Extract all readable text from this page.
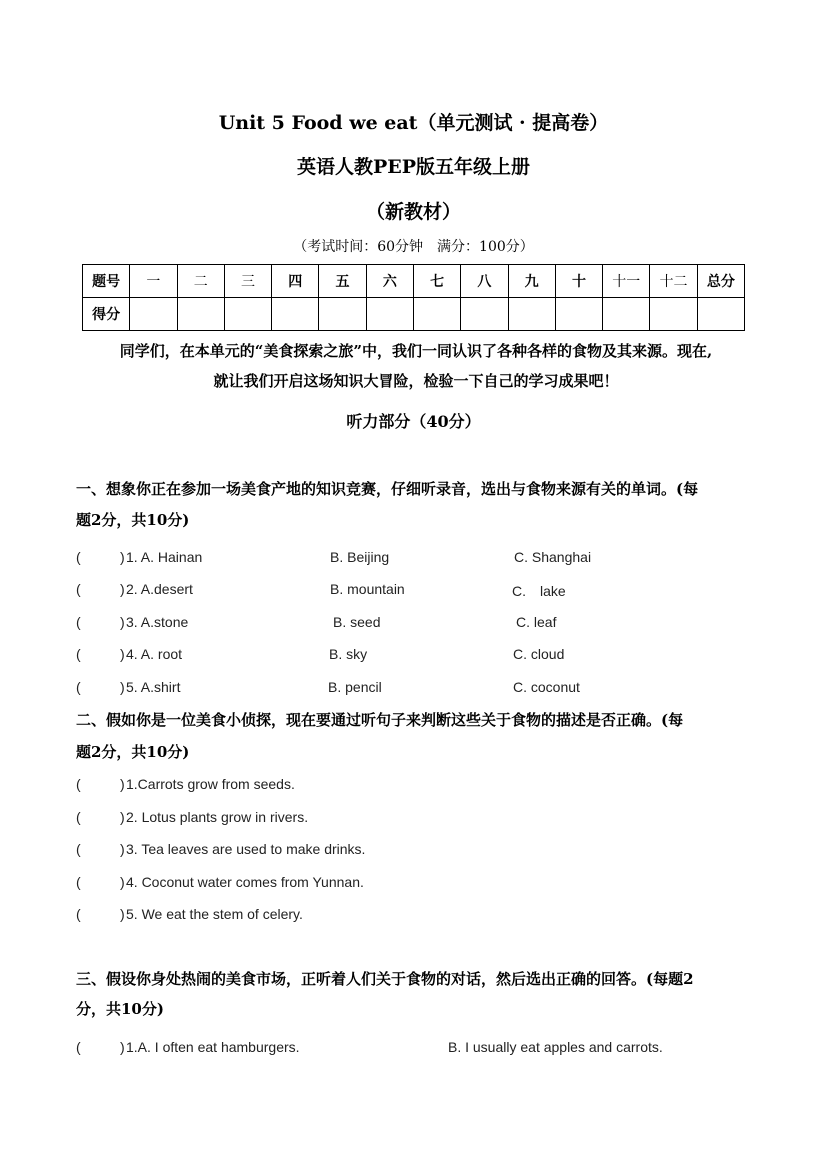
Unit 5 Food we eat（单元测试 · 提高卷）
英语人教PEP版五年级上册
（新教材）
（考试时间：60分钟　满分：100分）
题号	一	二	三	四	五	六	七	八	九	十	十一	十二	总分
得分													
同学们，在本单元的“美食探索之旅”中，我们一同认识了各种各样的食物及其来源。现在,
就让我们开启这场知识大冒险，检验一下自己的学习成果吧！
听力部分（40分）
一、想象你正在参加一场美食产地的知识竞赛，仔细听录音，选出与食物来源有关的单词。(每
题2分，共10分)
(	) 1. A. Hainan	B. Beijing	C. Shanghai
(	) 2. A.desert	B. mountain	C.　lake
(	) 3. A.stone	B. seed	C. leaf
(	) 4. A. root	B. sky	C. cloud
(	) 5. A.shirt	B. pencil	C. coconut
二、假如你是一位美食小侦探，现在要通过听句子来判断这些关于食物的描述是否正确。(每
题2分，共10分)
(	) 1.Carrots grow from seeds.
(	) 2. Lotus plants grow in rivers.
(	) 3. Tea leaves are used to make drinks.
(	) 4. Coconut water comes from Yunnan.
(	) 5. We eat the stem of celery.
三、假设你身处热闹的美食市场，正听着人们关于食物的对话，然后选出正确的回答。(每题2
分，共10分)
(	) 1.A. I often eat hamburgers.	B. I usually eat apples and carrots.
